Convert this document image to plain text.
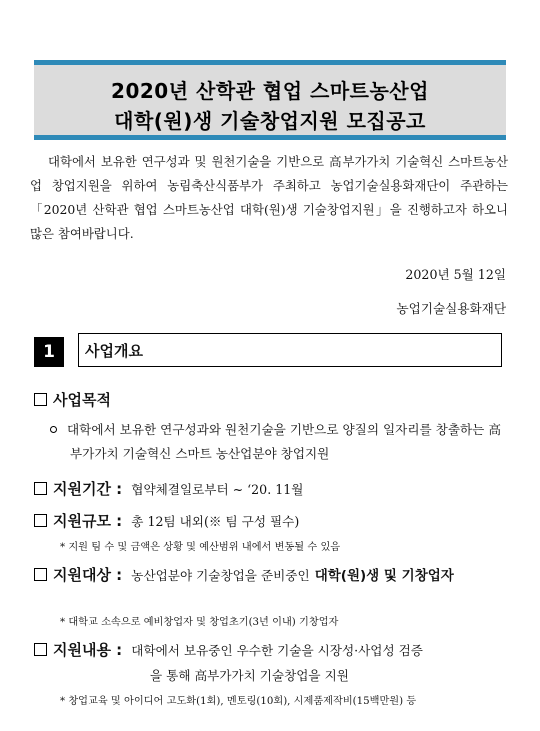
2020년 산학관 협업 스마트농산업
대학(원)생 기술창업지원 모집공고
대학에서 보유한 연구성과 및 원천기술을 기반으로 高부가가치 기술혁신 스마트농산업 창업지원을 위하여 농림축산식품부가 주최하고 농업기술실용화재단이 주관하는 「2020년 산학관 협업 스마트농산업 대학(원)생 기술창업지원」을 진행하고자 하오니 많은 참여바랍니다.
2020년 5월 12일
농업기술실용화재단
1	사업개요
사업목적
대학에서 보유한 연구성과와 원천기술을 기반으로 양질의 일자리를 창출하는 高부가가치 기술혁신 스마트 농산업분야 창업지원
지원기간 : 협약체결일로부터 ~ ‘20. 11월
지원규모 : 총 12팀 내외(※ 팀 구성 필수)
* 지원 팀 수 및 금액은 상황 및 예산범위 내에서 변동될 수 있음
지원대상 : 농산업분야 기술창업을 준비중인 대학(원)생 및 기창업자
* 대학교 소속으로 예비창업자 및 창업초기(3년 이내) 기창업자
지원내용 : 대학에서 보유중인 우수한 기술을 시장성·사업성 검증
을 통해 高부가가치 기술창업을 지원
* 창업교육 및 아이디어 고도화(1회), 멘토링(10회), 시제품제작비(15백만원) 등
